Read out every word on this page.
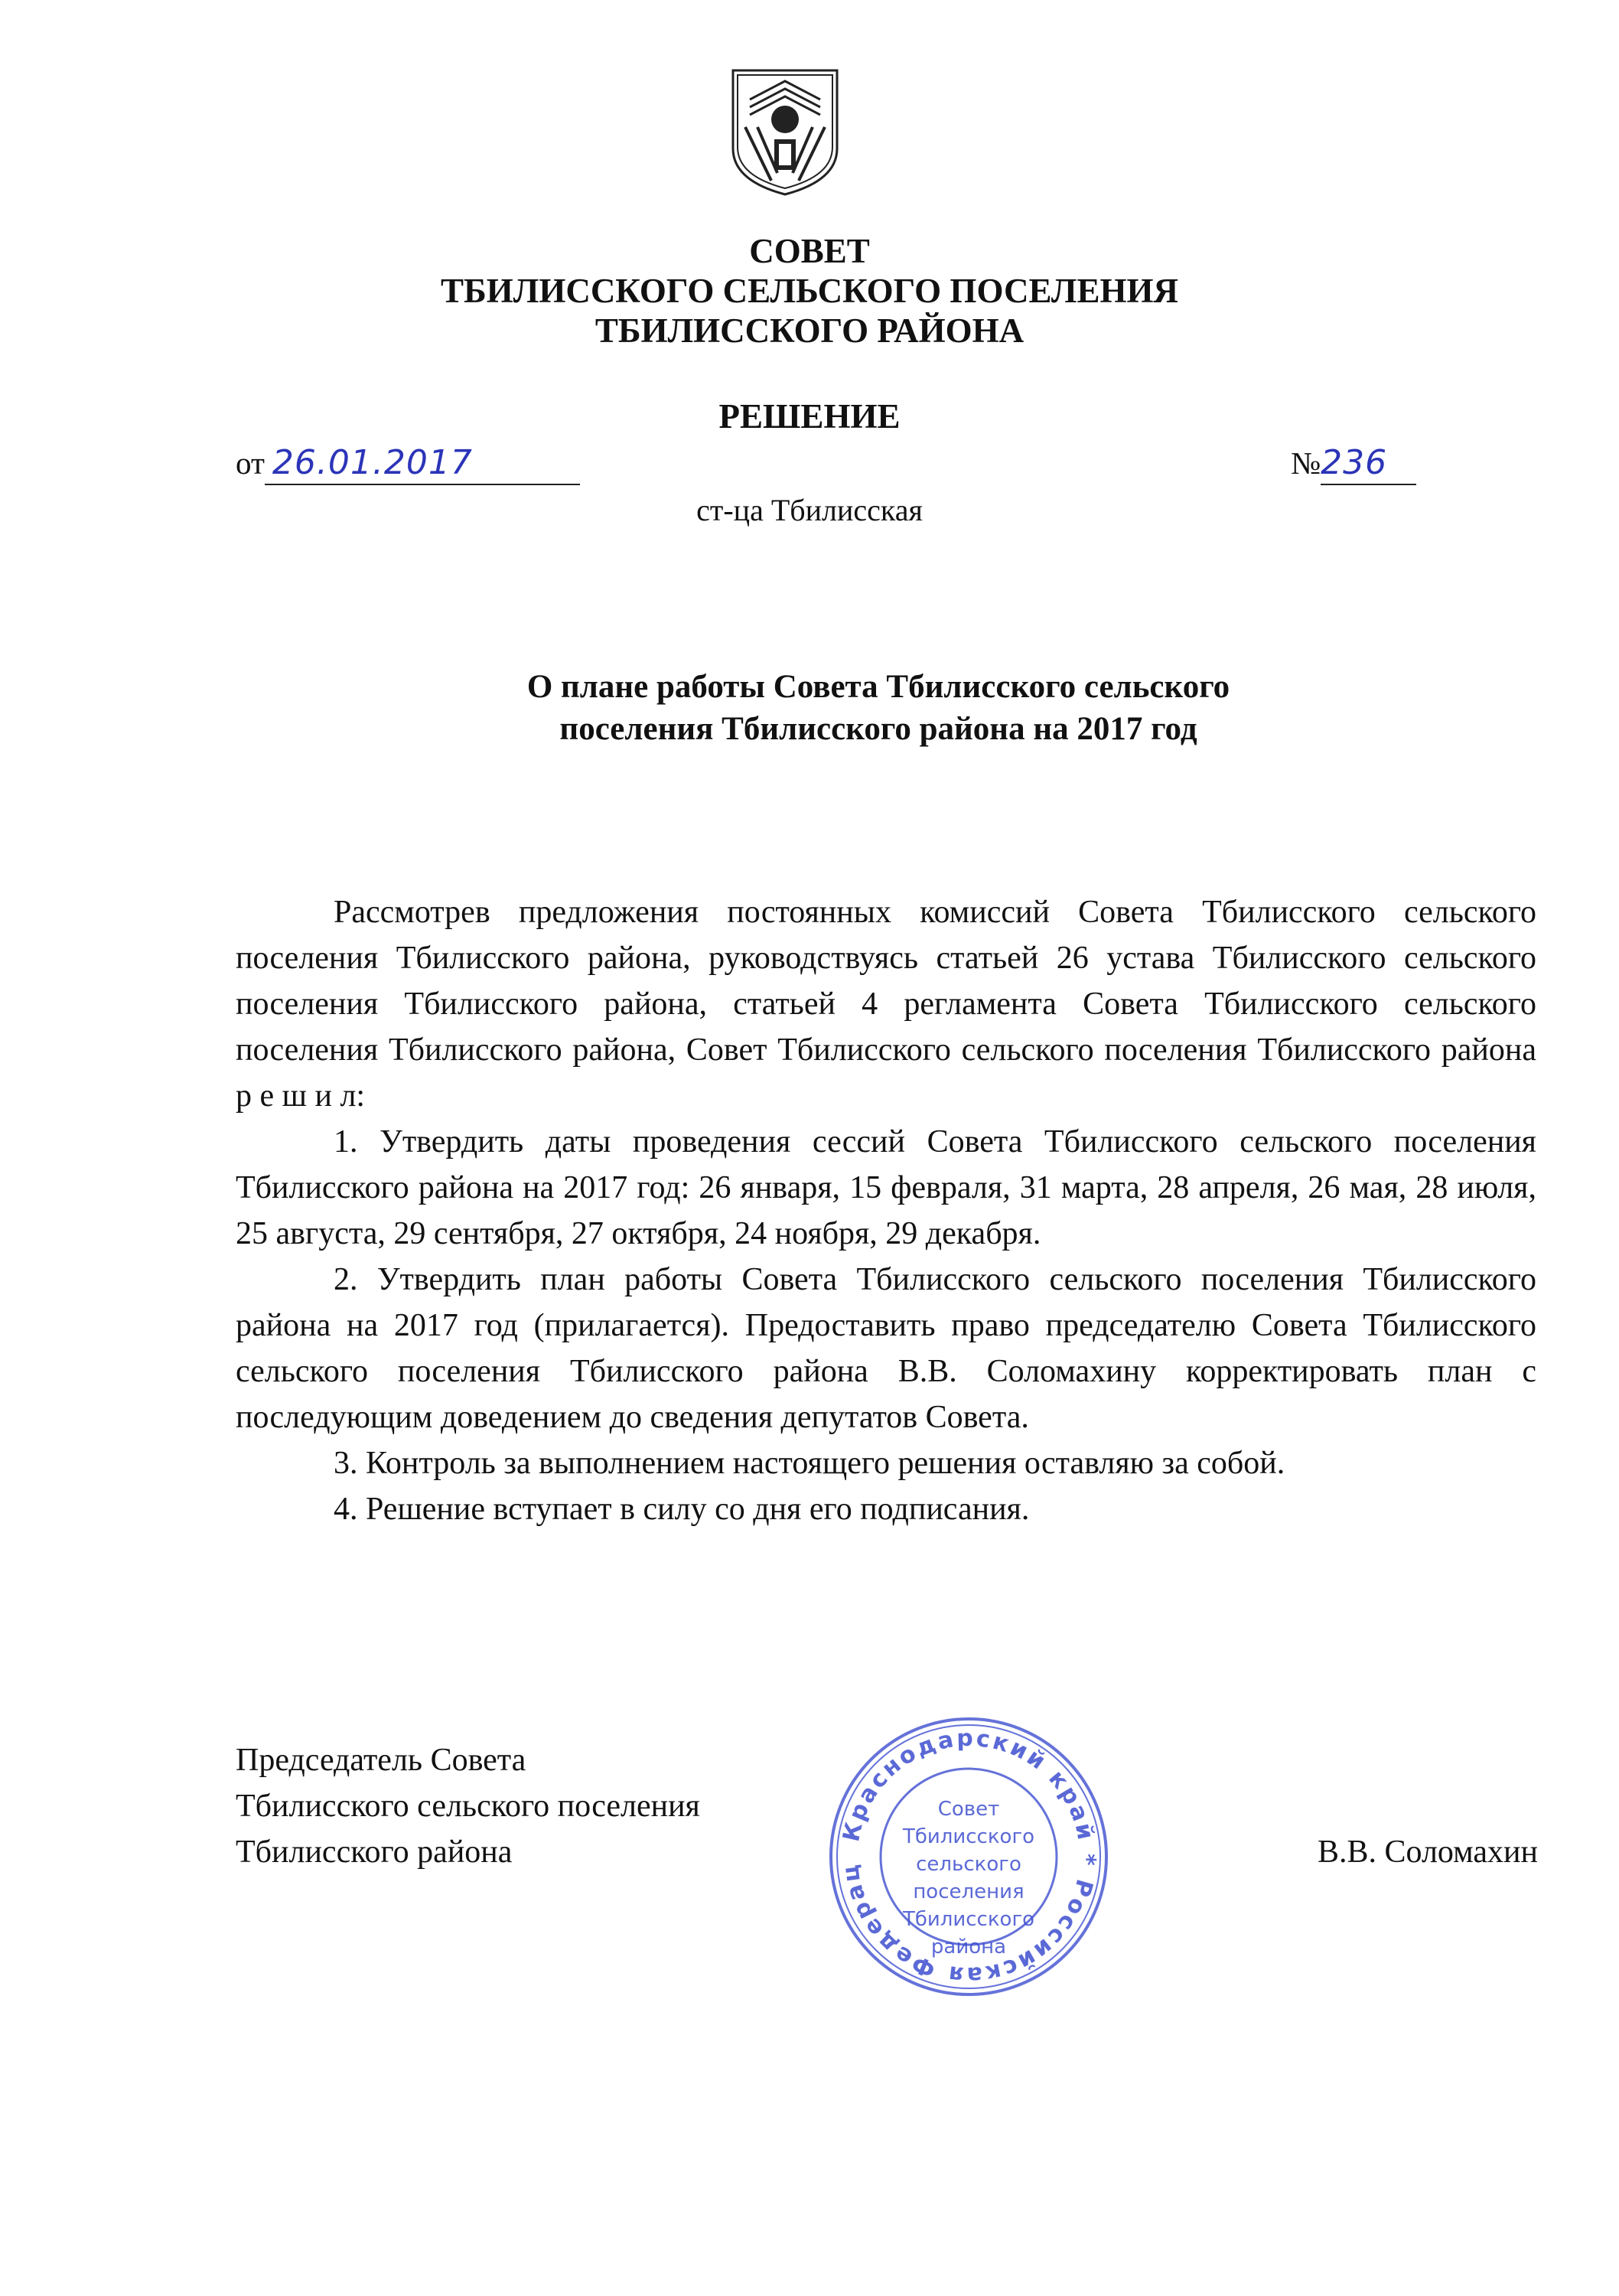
СОВЕТ
ТБИЛИССКОГО СЕЛЬСКОГО ПОСЕЛЕНИЯ
ТБИЛИССКОГО РАЙОНА
РЕШЕНИЕ
от 26.01.2017	№236
ст-ца Тбилисская
О плане работы Совета Тбилисского сельского
поселения Тбилисского района на 2017 год

Рассмотрев предложения постоянных комиссий Совета Тбилисского сельского поселения Тбилисского района, руководствуясь статьей 26 устава Тбилисского сельского поселения Тбилисского района, статьей 4 регламента Совета Тбилисского сельского поселения Тбилисского района, Совет Тбилисского сельского поселения Тбилисского района р е ш и л:

1. Утвердить даты проведения сессий Совета Тбилисского сельского поселения Тбилисского района на 2017 год: 26 января, 15 февраля, 31 марта, 28 апреля, 26 мая, 28 июля, 25 августа, 29 сентября, 27 октября, 24 ноября, 29 декабря.

2. Утвердить план работы Совета Тбилисского сельского поселения Тбилисского района на 2017 год (прилагается). Предоставить право председателю Совета Тбилисского сельского поселения Тбилисского района В.В. Соломахину корректировать план с последующим доведением до сведения депутатов Совета.

3. Контроль за выполнением настоящего решения оставляю за собой.

4. Решение вступает в силу со дня его подписания.

Председатель Совета
Тбилисского сельского поселения
Тбилисского района	В.В. Соломахин
Краснодарский край * Российская Федерац
Совет
Тбилисского
сельского
поселения
Тбилисского
района
